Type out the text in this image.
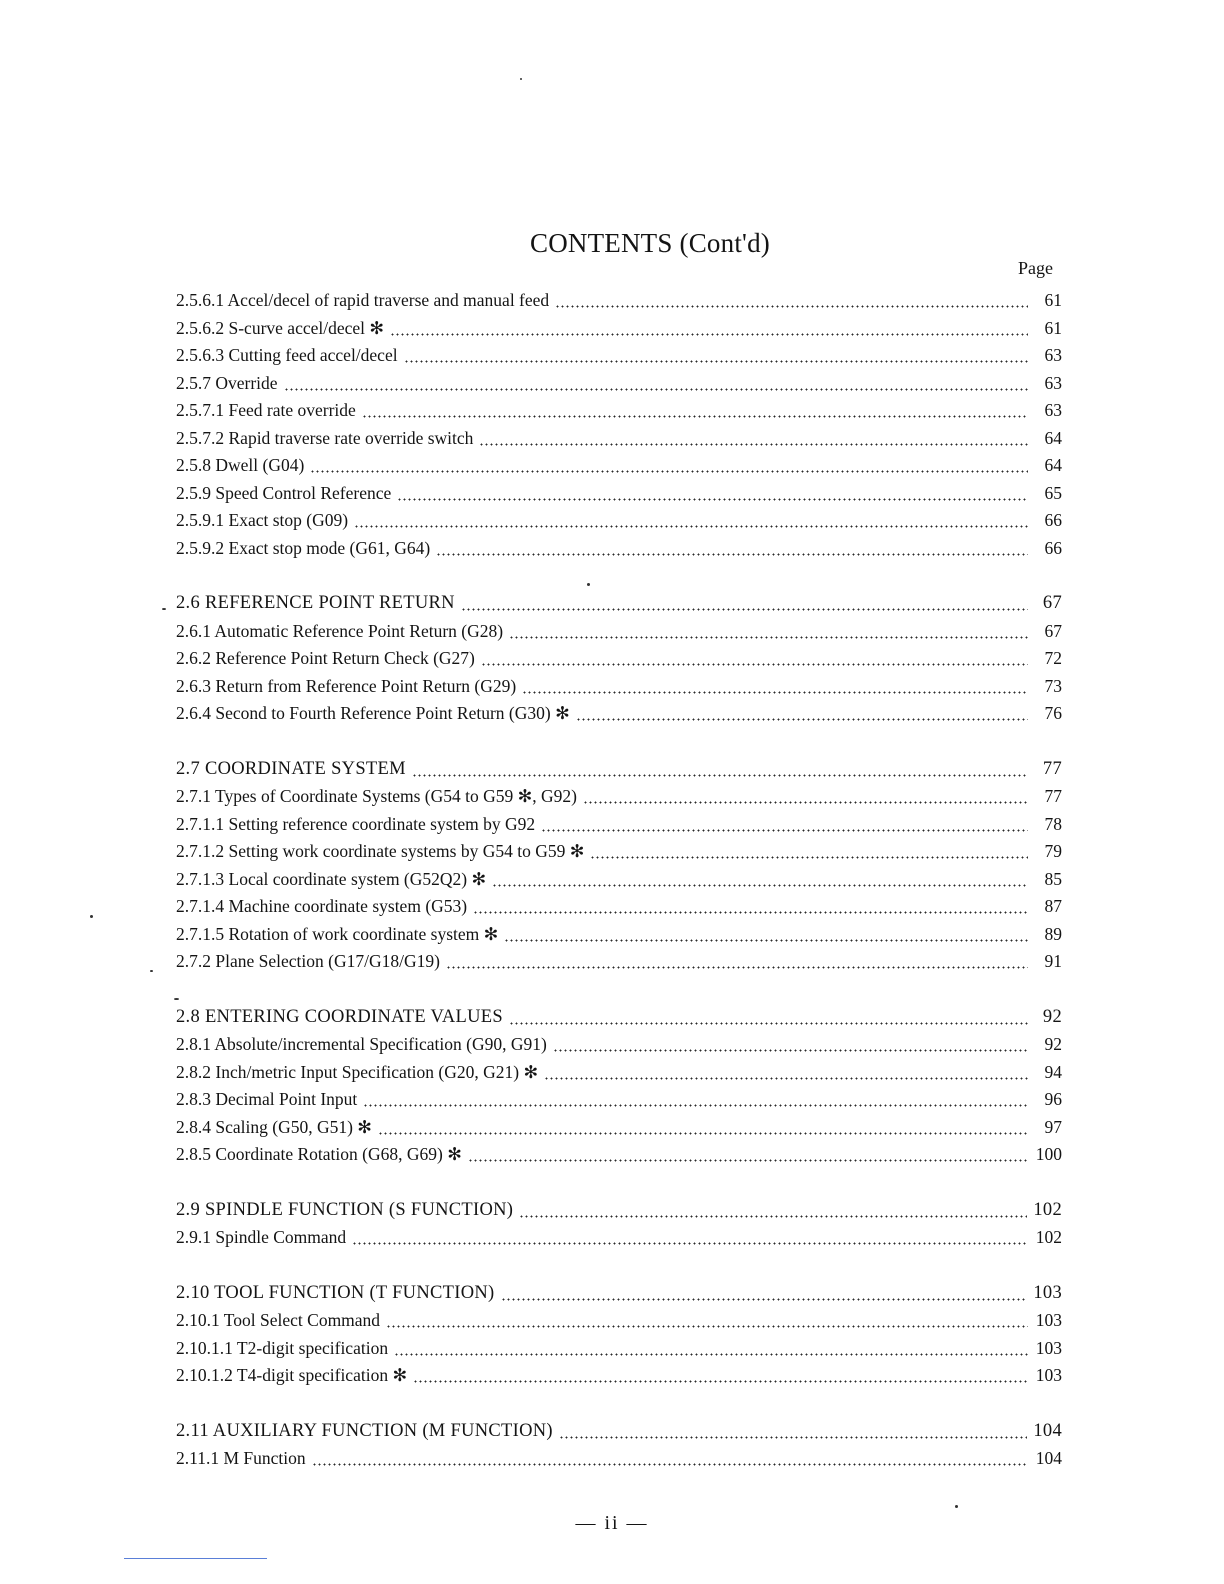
CONTENTS (Cont'd)
Page
2.5.6.1 Accel/decel of rapid traverse and manual feed	61
2.5.6.2 S-curve accel/decel ✻	61
2.5.6.3 Cutting feed accel/decel	63
2.5.7 Override	63
2.5.7.1 Feed rate override	63
2.5.7.2 Rapid traverse rate override switch	64
2.5.8 Dwell (G04)	64
2.5.9 Speed Control Reference	65
2.5.9.1 Exact stop (G09)	66
2.5.9.2 Exact stop mode (G61, G64)	66
2.6 REFERENCE POINT RETURN	67
2.6.1 Automatic Reference Point Return (G28)	67
2.6.2 Reference Point Return Check (G27)	72
2.6.3 Return from Reference Point Return (G29)	73
2.6.4 Second to Fourth Reference Point Return (G30) ✻	76
2.7 COORDINATE SYSTEM	77
2.7.1 Types of Coordinate Systems (G54 to G59 ✻, G92)	77
2.7.1.1 Setting reference coordinate system by G92	78
2.7.1.2 Setting work coordinate systems by G54 to G59 ✻	79
2.7.1.3 Local coordinate system (G52Q2) ✻	85
2.7.1.4 Machine coordinate system (G53)	87
2.7.1.5 Rotation of work coordinate system ✻	89
2.7.2 Plane Selection (G17/G18/G19)	91
2.8 ENTERING COORDINATE VALUES	92
2.8.1 Absolute/incremental Specification (G90, G91)	92
2.8.2 Inch/metric Input Specification (G20, G21) ✻	94
2.8.3 Decimal Point Input	96
2.8.4 Scaling (G50, G51) ✻	97
2.8.5 Coordinate Rotation (G68, G69) ✻	100
2.9 SPINDLE FUNCTION (S FUNCTION)	102
2.9.1 Spindle Command	102
2.10 TOOL FUNCTION (T FUNCTION)	103
2.10.1 Tool Select Command	103
2.10.1.1 T2-digit specification	103
2.10.1.2 T4-digit specification ✻	103
2.11 AUXILIARY FUNCTION (M FUNCTION)	104
2.11.1 M Function	104
— ii —
